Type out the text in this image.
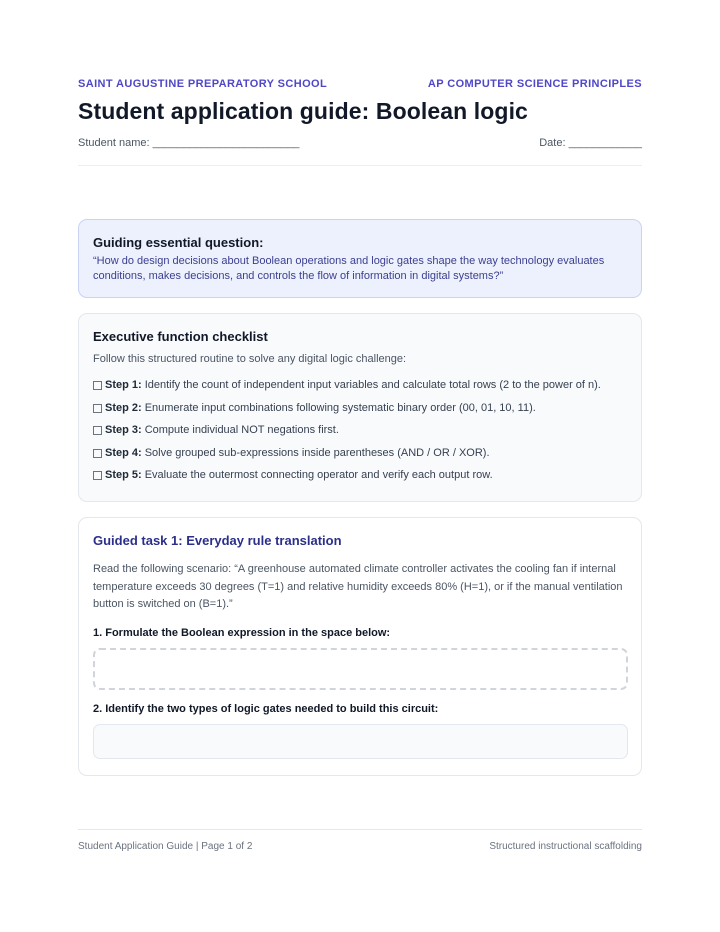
SAINT AUGUSTINE PREPARATORY SCHOOL	AP COMPUTER SCIENCE PRINCIPLES
Student application guide: Boolean logic
Student name: ________________________	Date: ____________

Guiding essential question:

“How do design decisions about Boolean operations and logic gates shape the way technology evaluates conditions, makes decisions, and controls the flow of information in digital systems?”

Executive function checklist

Follow this structured routine to solve any digital logic challenge:

Step 1: Identify the count of independent input variables and calculate total rows (2 to the power of n).
Step 2: Enumerate input combinations following systematic binary order (00, 01, 10, 11).
Step 3: Compute individual NOT negations first.
Step 4: Solve grouped sub-expressions inside parentheses (AND / OR / XOR).
Step 5: Evaluate the outermost connecting operator and verify each output row.

Guided task 1: Everyday rule translation

Read the following scenario: “A greenhouse automated climate controller activates the cooling fan if internal temperature exceeds 30 degrees (T=1) and relative humidity exceeds 80% (H=1), or if the manual ventilation button is switched on (B=1).”

1. Formulate the Boolean expression in the space below:

2. Identify the two types of logic gates needed to build this circuit:

Student Application Guide | Page 1 of 2	Structured instructional scaffolding
